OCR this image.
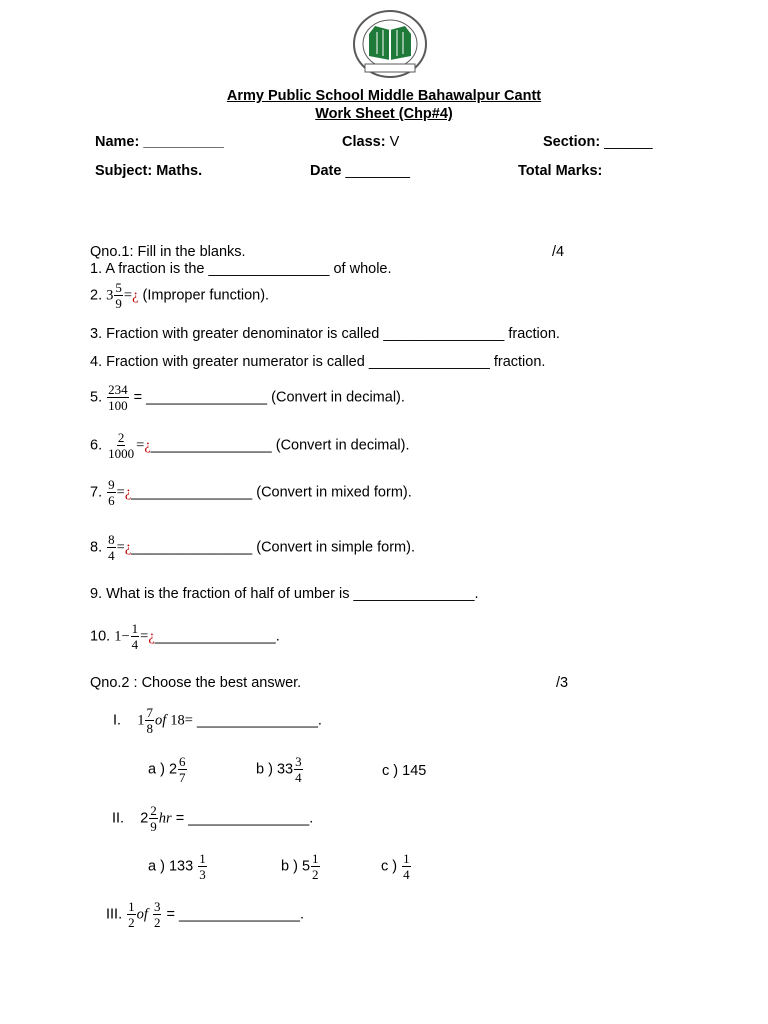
Army Public School Middle Bahawalpur Cantt
Work Sheet (Chp#4)
Name: __________	Class: V	Section: ______
Subject: Maths.	Date ________	Total Marks:
Qno.1: Fill in the blanks.	/4
1. A fraction is the _______________ of whole.
2. $3 \frac{5}{9}$ =¿ (Improper function).
3. Fraction with greater denominator is called _______________ fraction.
4. Fraction with greater numerator is called _______________ fraction.
5. $\frac{234}{100}$ = _______________ (Convert in decimal).
6. $\frac{2}{1000}$ =¿_______________ (Convert in decimal).
7. $\frac{9}{6}$ =¿_______________ (Convert in mixed form).
8. $\frac{8}{4}$ =¿_______________ (Convert in simple form).
9. What is the fraction of half of umber is _______________.
10. $1- \frac{1}{4}$ =¿_______________.
Qno.2 : Choose the best answer.	/3
I. $1 \frac{7}{8}$ of 18= _______________.
a ) $2 \frac{6}{7}$	b ) $33 \frac{3}{4}$	c ) 145
II. $2 \frac{2}{9}$ hr = _______________.
a ) $133 \frac{1}{3}$	b ) $5 \frac{1}{2}$	c ) $\frac{1}{4}$
III. $\frac{1}{2}$ of $\frac{3}{2}$ = _______________.
